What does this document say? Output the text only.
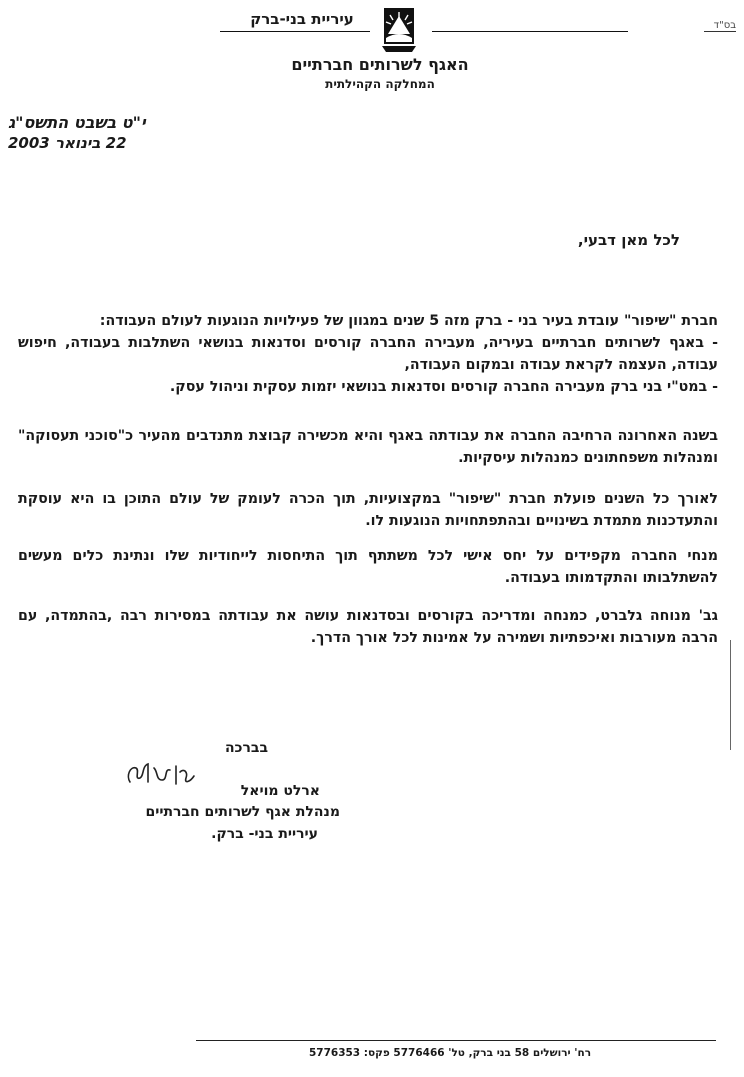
בס"ד
עיריית בני-ברק
האגף לשרותים חברתיים
המחלקה הקהילתית
י"ט בשבט התשס"ג
22 בינואר 2003
לכל מאן דבעי,

חברת "שיפור" עובדת בעיר בני - ברק מזה 5 שנים במגוון של פעילויות הנוגעות לעולם העבודה:

- באגף לשרותים חברתיים בעיריה, מעבירה החברה קורסים וסדנאות בנושאי השתלבות בעבודה, חיפוש עבודה, העצמה לקראת עבודה ובמקום העבודה,

- במט"י בני ברק מעבירה החברה קורסים וסדנאות בנושאי יזמות עסקית וניהול עסק.

בשנה האחרונה הרחיבה החברה את עבודתה באגף והיא מכשירה קבוצת מתנדבים מהעיר כ"סוכני תעסוקה" ומנהלות משפחתונים כמנהלות עיסקיות.

לאורך כל השנים פועלת חברת "שיפור" במקצועיות, תוך הכרה לעומק של עולם התוכן בו היא עוסקת והתעדכנות מתמדת בשינויים ובהתפתחויות הנוגעות לו.

מנחי החברה מקפידים על יחס אישי לכל משתתף תוך התיחסות לייחודיות שלו ונתינת כלים מעשים להשתלבותו והתקדמותו בעבודה.

גב' מנוחה גלברט, כמנחה ומדריכה בקורסים ובסדנאות עושה את עבודתה במסירות רבה ,בהתמדה, עם הרבה מעורבות ואיכפתיות ושמירה על אמינות לכל אורך הדרך.

בברכה
ארלט מויאל
מנהלת אגף לשרותים חברתיים
עיריית בני- ברק.
רח' ירושלים 58 בני ברק, טל' 5776466 פקס: 5776353
